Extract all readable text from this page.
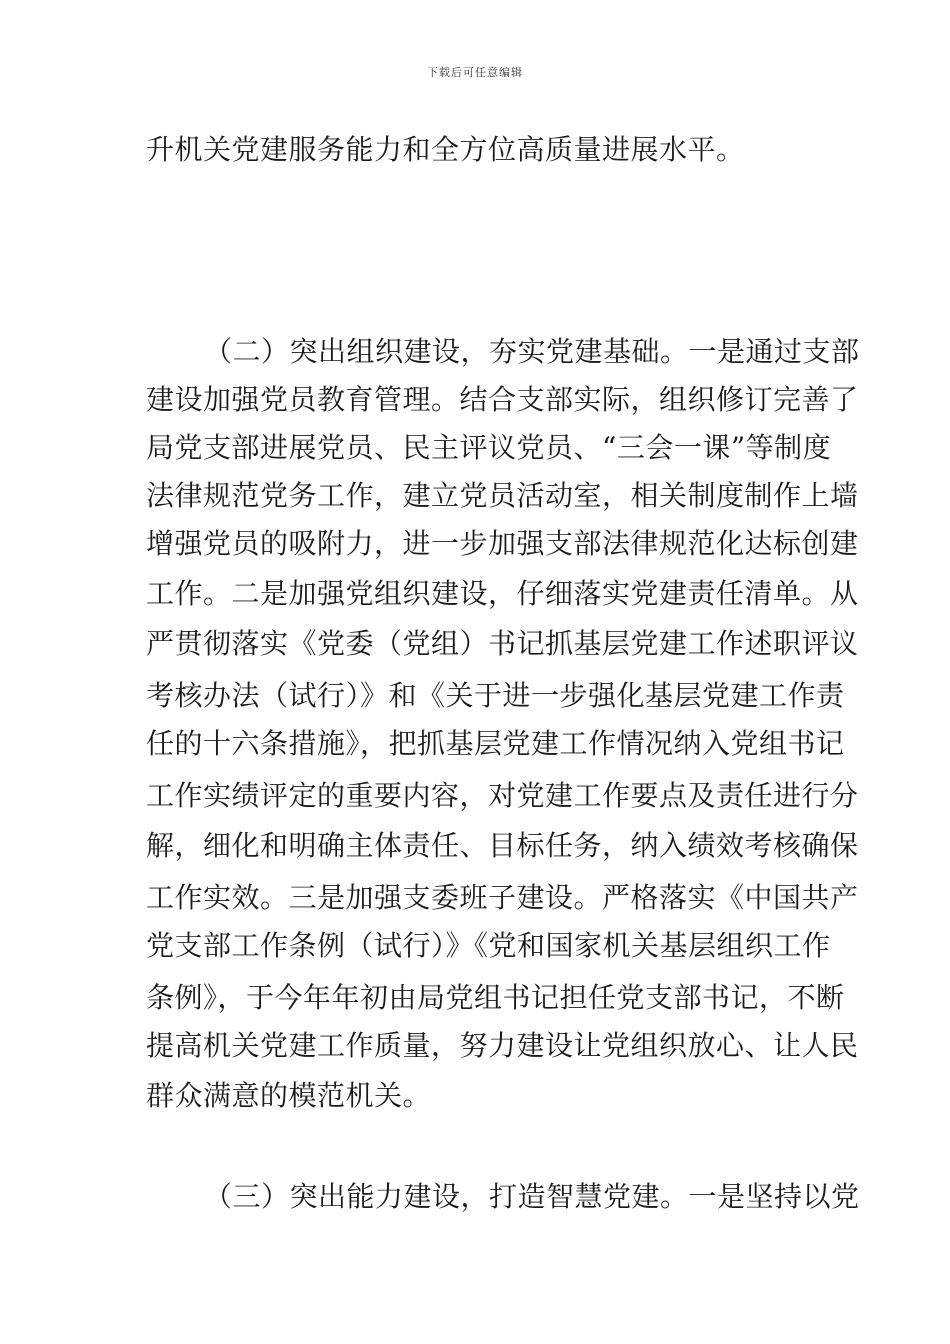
下载后可任意编辑
升机关党建服务能力和全方位高质量进展水平。
（二）突出组织建设，夯实党建基础。一是通过支部
建设加强党员教育管理。结合支部实际，组织修订完善了
局党支部进展党员、民主评议党员、“三会一课”等制度
法律规范党务工作，建立党员活动室，相关制度制作上墙
增强党员的吸附力，进一步加强支部法律规范化达标创建
工作。二是加强党组织建设，仔细落实党建责任清单。从
严贯彻落实《党委（党组）书记抓基层党建工作述职评议
考核办法（试行）》和《关于进一步强化基层党建工作责
任的十六条措施》，把抓基层党建工作情况纳入党组书记
工作实绩评定的重要内容，对党建工作要点及责任进行分
解，细化和明确主体责任、目标任务，纳入绩效考核确保
工作实效。三是加强支委班子建设。严格落实《中国共产
党支部工作条例（试行）》《党和国家机关基层组织工作
条例》，于今年年初由局党组书记担任党支部书记，不断
提高机关党建工作质量，努力建设让党组织放心、让人民
群众满意的模范机关。
（三）突出能力建设，打造智慧党建。一是坚持以党
